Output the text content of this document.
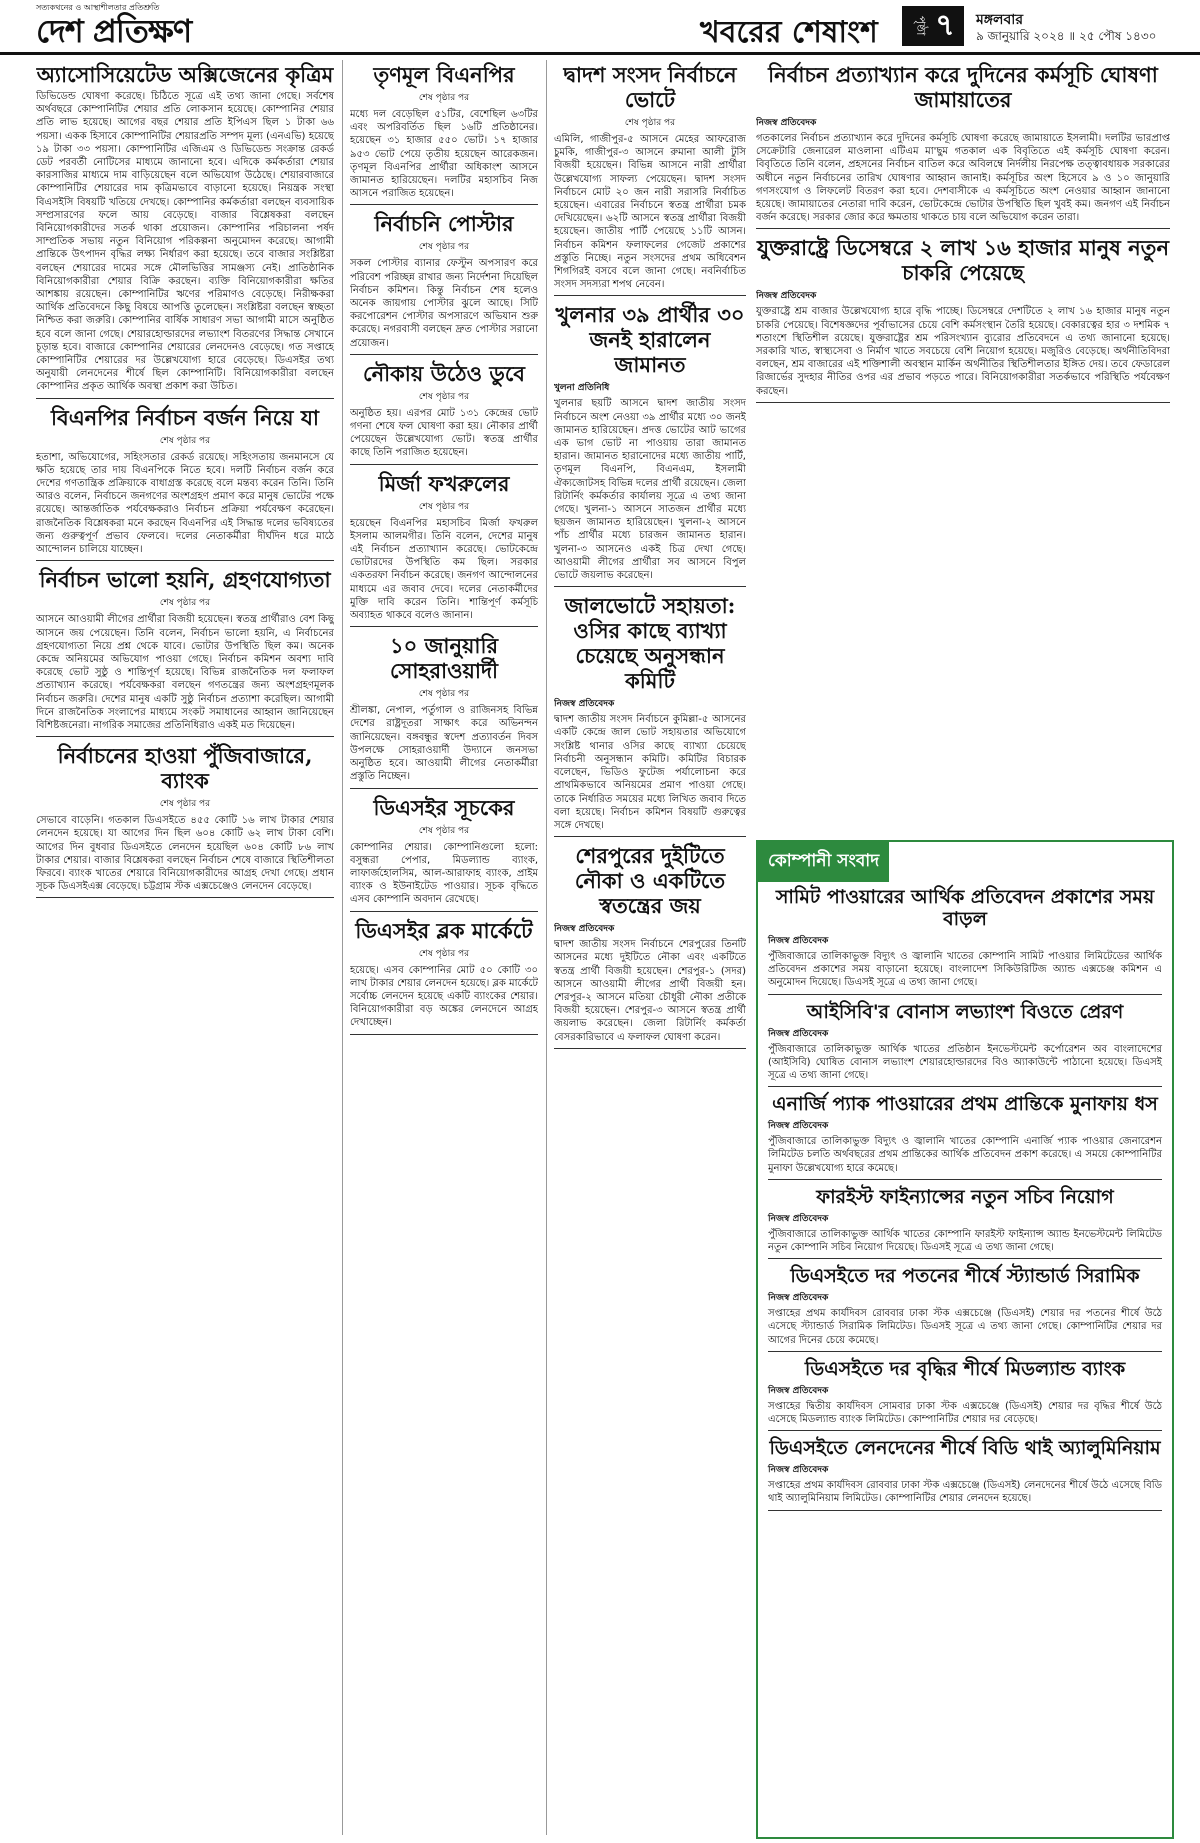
সত্যকথনের ও আস্থাশীলতার প্রতিশ্রুতি
দেশ প্রতিক্ষণ	খবরের শেষাংশ	পৃষ্ঠা ৭ মঙ্গলবার
৯ জানুয়ারি ২০২৪ ॥ ২৫ পৌষ ১৪৩০
অ্যাসোসিয়েটেড অক্সিজেনের কৃত্রিম

ডিভিডেন্ড ঘোষণা করেছে। চিঠিতে সূত্রে এই তথ্য জানা গেছে। সর্বশেষ অর্থবছরে কোম্পানিটির শেয়ার প্রতি লোকসান হয়েছে। কোম্পানির শেয়ার প্রতি লাভ হয়েছে। আগের বছর শেয়ার প্রতি ইপিএস ছিল ১ টাকা ৬৬ পয়সা। একক হিসাবে কোম্পানিটির শেয়ারপ্রতি সম্পদ মূল্য (এনএভি) হয়েছে ১৯ টাকা ৩৩ পয়সা। কোম্পানিটির এজিএম ও ডিভিডেন্ড সংক্রান্ত রেকর্ড ডেট পরবর্তী নোটিসের মাধ্যমে জানানো হবে। এদিকে কর্মকর্তারা শেয়ার কারসাজির মাধ্যমে দাম বাড়িয়েছেন বলে অভিযোগ উঠেছে। শেয়ারবাজারে কোম্পানিটির শেয়ারের দাম কৃত্রিমভাবে বাড়ানো হয়েছে। নিয়ন্ত্রক সংস্থা বিএসইসি বিষয়টি খতিয়ে দেখছে। কোম্পানির কর্মকর্তারা বলছেন ব্যবসায়িক সম্প্রসারণের ফলে আয় বেড়েছে। বাজার বিশ্লেষকরা বলছেন বিনিয়োগকারীদের সতর্ক থাকা প্রয়োজন। কোম্পানির পরিচালনা পর্ষদ সাম্প্রতিক সভায় নতুন বিনিয়োগ পরিকল্পনা অনুমোদন করেছে। আগামী প্রান্তিকে উৎপাদন বৃদ্ধির লক্ষ্য নির্ধারণ করা হয়েছে। তবে বাজার সংশ্লিষ্টরা বলছেন শেয়ারের দামের সঙ্গে মৌলভিত্তির সামঞ্জস্য নেই। প্রাতিষ্ঠানিক বিনিয়োগকারীরা শেয়ার বিক্রি করছেন। ব্যক্তি বিনিয়োগকারীরা ক্ষতির আশঙ্কায় রয়েছেন। কোম্পানিটির ঋণের পরিমাণও বেড়েছে। নিরীক্ষকরা আর্থিক প্রতিবেদনে কিছু বিষয়ে আপত্তি তুলেছেন। সংশ্লিষ্টরা বলছেন স্বচ্ছতা নিশ্চিত করা জরুরি। কোম্পানির বার্ষিক সাধারণ সভা আগামী মাসে অনুষ্ঠিত হবে বলে জানা গেছে। শেয়ারহোল্ডারদের লভ্যাংশ বিতরণের সিদ্ধান্ত সেখানে চূড়ান্ত হবে। বাজারে কোম্পানির শেয়ারের লেনদেনও বেড়েছে। গত সপ্তাহে কোম্পানিটির শেয়ারের দর উল্লেখযোগ্য হারে বেড়েছে। ডিএসইর তথ্য অনুযায়ী লেনদেনের শীর্ষে ছিল কোম্পানিটি। বিনিয়োগকারীরা বলছেন কোম্পানির প্রকৃত আর্থিক অবস্থা প্রকাশ করা উচিত।

বিএনপির নির্বাচন বর্জন নিয়ে যা
শেষ পৃষ্ঠার পর

হতাশা, অভিযোগের, সহিংসতার রেকর্ড রয়েছে। সহিংসতায় জনমানসে যে ক্ষতি হয়েছে তার দায় বিএনপিকে নিতে হবে। দলটি নির্বাচন বর্জন করে দেশের গণতান্ত্রিক প্রক্রিয়াকে বাধাগ্রস্ত করেছে বলে মন্তব্য করেন তিনি। তিনি আরও বলেন, নির্বাচনে জনগণের অংশগ্রহণ প্রমাণ করে মানুষ ভোটের পক্ষে রয়েছে। আন্তর্জাতিক পর্যবেক্ষকরাও নির্বাচন প্রক্রিয়া পর্যবেক্ষণ করেছেন। রাজনৈতিক বিশ্লেষকরা মনে করছেন বিএনপির এই সিদ্ধান্ত দলের ভবিষ্যতের জন্য গুরুত্বপূর্ণ প্রভাব ফেলবে। দলের নেতাকর্মীরা দীর্ঘদিন ধরে মাঠে আন্দোলন চালিয়ে যাচ্ছেন।

নির্বাচন ভালো হয়নি, গ্রহণযোগ্যতা
শেষ পৃষ্ঠার পর

আসনে আওয়ামী লীগের প্রার্থীরা বিজয়ী হয়েছেন। স্বতন্ত্র প্রার্থীরাও বেশ কিছু আসনে জয় পেয়েছেন। তিনি বলেন, নির্বাচন ভালো হয়নি, এ নির্বাচনের গ্রহণযোগ্যতা নিয়ে প্রশ্ন থেকে যাবে। ভোটার উপস্থিতি ছিল কম। অনেক কেন্দ্রে অনিয়মের অভিযোগ পাওয়া গেছে। নির্বাচন কমিশন অবশ্য দাবি করেছে ভোট সুষ্ঠু ও শান্তিপূর্ণ হয়েছে। বিভিন্ন রাজনৈতিক দল ফলাফল প্রত্যাখ্যান করেছে। পর্যবেক্ষকরা বলছেন গণতন্ত্রের জন্য অংশগ্রহণমূলক নির্বাচন জরুরি। দেশের মানুষ একটি সুষ্ঠু নির্বাচন প্রত্যাশা করেছিল। আগামী দিনে রাজনৈতিক সংলাপের মাধ্যমে সংকট সমাধানের আহ্বান জানিয়েছেন বিশিষ্টজনেরা। নাগরিক সমাজের প্রতিনিধিরাও একই মত দিয়েছেন।

নির্বাচনের হাওয়া পুঁজিবাজারে, ব্যাংক
শেষ পৃষ্ঠার পর

সেভাবে বাড়েনি। গতকাল ডিএসইতে ৪৫৫ কোটি ১৬ লাখ টাকার শেয়ার লেনদেন হয়েছে। যা আগের দিন ছিল ৬০৪ কোটি ৬২ লাখ টাকা বেশি। আগের দিন বুধবার ডিএসইতে লেনদেন হয়েছিল ৬০৪ কোটি ৮৬ লাখ টাকার শেয়ার। বাজার বিশ্লেষকরা বলছেন নির্বাচন শেষে বাজারে স্থিতিশীলতা ফিরবে। ব্যাংক খাতের শেয়ারে বিনিয়োগকারীদের আগ্রহ দেখা গেছে। প্রধান সূচক ডিএসইএক্স বেড়েছে। চট্টগ্রাম স্টক এক্সচেঞ্জেও লেনদেন বেড়েছে।

তৃণমূল বিএনপির
শেষ পৃষ্ঠার পর

মধ্যে দল বেড়েছিল ৫১টির, বেশেছিল ৬৩টির এবং অপরিবর্তিত ছিল ১৬টি প্রতিষ্ঠানের। হয়েছেন ৩১ হাজার ৫৫০ ভোট। ১৭ হাজার ৯৫৩ ভোট পেয়ে তৃতীয় হয়েছেন আরেকজন। তৃণমূল বিএনপির প্রার্থীরা অধিকাংশ আসনে জামানত হারিয়েছেন। দলটির মহাসচিব নিজ আসনে পরাজিত হয়েছেন।

নির্বাচনি পোস্টার
শেষ পৃষ্ঠার পর

সকল পোস্টার ব্যানার ফেস্টুন অপসারণ করে পরিবেশ পরিচ্ছন্ন রাখার জন্য নির্দেশনা দিয়েছিল নির্বাচন কমিশন। কিন্তু নির্বাচন শেষ হলেও অনেক জায়গায় পোস্টার ঝুলে আছে। সিটি করপোরেশন পোস্টার অপসারণে অভিযান শুরু করেছে। নগরবাসী বলছেন দ্রুত পোস্টার সরানো প্রয়োজন।

নৌকায় উঠেও ডুবে
শেষ পৃষ্ঠার পর

অনুষ্ঠিত হয়। এরপর মোট ১৩১ কেন্দ্রের ভোট গণনা শেষে ফল ঘোষণা করা হয়। নৌকার প্রার্থী পেয়েছেন উল্লেখযোগ্য ভোট। স্বতন্ত্র প্রার্থীর কাছে তিনি পরাজিত হয়েছেন।

মির্জা ফখরুলের
শেষ পৃষ্ঠার পর

হয়েছেন বিএনপির মহাসচিব মির্জা ফখরুল ইসলাম আলমগীর। তিনি বলেন, দেশের মানুষ এই নির্বাচন প্রত্যাখ্যান করেছে। ভোটকেন্দ্রে ভোটারদের উপস্থিতি কম ছিল। সরকার একতরফা নির্বাচন করেছে। জনগণ আন্দোলনের মাধ্যমে এর জবাব দেবে। দলের নেতাকর্মীদের মুক্তি দাবি করেন তিনি। শান্তিপূর্ণ কর্মসূচি অব্যাহত থাকবে বলেও জানান।

১০ জানুয়ারি সোহরাওয়ার্দী
শেষ পৃষ্ঠার পর

শ্রীলঙ্কা, নেপাল, পর্তুগাল ও রাজিনসহ বিভিন্ন দেশের রাষ্ট্রদূতরা সাক্ষাৎ করে অভিনন্দন জানিয়েছেন। বঙ্গবন্ধুর স্বদেশ প্রত্যাবর্তন দিবস উপলক্ষে সোহরাওয়ার্দী উদ্যানে জনসভা অনুষ্ঠিত হবে। আওয়ামী লীগের নেতাকর্মীরা প্রস্তুতি নিচ্ছেন।

ডিএসইর সূচকের
শেষ পৃষ্ঠার পর

কোম্পানির শেয়ার। কোম্পানিগুলো হলো: বসুন্ধরা পেপার, মিডল্যান্ড ব্যাংক, লাফার্জহোলসিম, আল-আরাফাহ ব্যাংক, প্রাইম ব্যাংক ও ইউনাইটেড পাওয়ার। সূচক বৃদ্ধিতে এসব কোম্পানি অবদান রেখেছে।

ডিএসইর ব্লক মার্কেটে
শেষ পৃষ্ঠার পর

হয়েছে। এসব কোম্পানির মোট ৫০ কোটি ৩০ লাখ টাকার শেয়ার লেনদেন হয়েছে। ব্লক মার্কেটে সর্বোচ্চ লেনদেন হয়েছে একটি ব্যাংকের শেয়ার। বিনিয়োগকারীরা বড় অঙ্কের লেনদেনে আগ্রহ দেখাচ্ছেন।

দ্বাদশ সংসদ নির্বাচনে ভোটে
শেষ পৃষ্ঠার পর

এমিলি, গাজীপুর-৫ আসনে মেহের আফরোজ চুমকি, গাজীপুর-৩ আসনে রুমানা আলী টুসি বিজয়ী হয়েছেন। বিভিন্ন আসনে নারী প্রার্থীরা উল্লেখযোগ্য সাফল্য পেয়েছেন। দ্বাদশ সংসদ নির্বাচনে মোট ২০ জন নারী সরাসরি নির্বাচিত হয়েছেন। এবারের নির্বাচনে স্বতন্ত্র প্রার্থীরা চমক দেখিয়েছেন। ৬২টি আসনে স্বতন্ত্র প্রার্থীরা বিজয়ী হয়েছেন। জাতীয় পার্টি পেয়েছে ১১টি আসন। নির্বাচন কমিশন ফলাফলের গেজেট প্রকাশের প্রস্তুতি নিচ্ছে। নতুন সংসদের প্রথম অধিবেশন শিগগিরই বসবে বলে জানা গেছে। নবনির্বাচিত সংসদ সদস্যরা শপথ নেবেন।

খুলনার ৩৯ প্রার্থীর ৩০ জনই হারালেন জামানত
খুলনা প্রতিনিধি

খুলনার ছয়টি আসনে দ্বাদশ জাতীয় সংসদ নির্বাচনে অংশ নেওয়া ৩৯ প্রার্থীর মধ্যে ৩০ জনই জামানত হারিয়েছেন। প্রদত্ত ভোটের আট ভাগের এক ভাগ ভোট না পাওয়ায় তারা জামানত হারান। জামানত হারানোদের মধ্যে জাতীয় পার্টি, তৃণমূল বিএনপি, বিএনএম, ইসলামী ঐক্যজোটসহ বিভিন্ন দলের প্রার্থী রয়েছেন। জেলা রিটার্নিং কর্মকর্তার কার্যালয় সূত্রে এ তথ্য জানা গেছে। খুলনা-১ আসনে সাতজন প্রার্থীর মধ্যে ছয়জন জামানত হারিয়েছেন। খুলনা-২ আসনে পাঁচ প্রার্থীর মধ্যে চারজন জামানত হারান। খুলনা-৩ আসনেও একই চিত্র দেখা গেছে। আওয়ামী লীগের প্রার্থীরা সব আসনে বিপুল ভোটে জয়লাভ করেছেন।

জালভোটে সহায়তা: ওসির কাছে ব্যাখ্যা চেয়েছে অনুসন্ধান কমিটি
নিজস্ব প্রতিবেদক

দ্বাদশ জাতীয় সংসদ নির্বাচনে কুমিল্লা-৫ আসনের একটি কেন্দ্রে জাল ভোট সহায়তার অভিযোগে সংশ্লিষ্ট থানার ওসির কাছে ব্যাখ্যা চেয়েছে নির্বাচনী অনুসন্ধান কমিটি। কমিটির বিচারক বলেছেন, ভিডিও ফুটেজ পর্যালোচনা করে প্রাথমিকভাবে অনিয়মের প্রমাণ পাওয়া গেছে। তাকে নির্ধারিত সময়ের মধ্যে লিখিত জবাব দিতে বলা হয়েছে। নির্বাচন কমিশন বিষয়টি গুরুত্বের সঙ্গে দেখছে।

শেরপুরের দুইটিতে নৌকা ও একটিতে স্বতন্ত্রের জয়
নিজস্ব প্রতিবেদক

দ্বাদশ জাতীয় সংসদ নির্বাচনে শেরপুরের তিনটি আসনের মধ্যে দুইটিতে নৌকা এবং একটিতে স্বতন্ত্র প্রার্থী বিজয়ী হয়েছেন। শেরপুর-১ (সদর) আসনে আওয়ামী লীগের প্রার্থী বিজয়ী হন। শেরপুর-২ আসনে মতিয়া চৌধুরী নৌকা প্রতীকে বিজয়ী হয়েছেন। শেরপুর-৩ আসনে স্বতন্ত্র প্রার্থী জয়লাভ করেছেন। জেলা রিটার্নিং কর্মকর্তা বেসরকারিভাবে এ ফলাফল ঘোষণা করেন।

নির্বাচন প্রত্যাখ্যান করে দুদিনের কর্মসূচি ঘোষণা জামায়াতের
নিজস্ব প্রতিবেদক

গতকালের নির্বাচন প্রত্যাখ্যান করে দুদিনের কর্মসূচি ঘোষণা করেছে জামায়াতে ইসলামী। দলটির ভারপ্রাপ্ত সেক্রেটারি জেনারেল মাওলানা এটিএম মা'ছুম গতকাল এক বিবৃতিতে এই কর্মসূচি ঘোষণা করেন। বিবৃতিতে তিনি বলেন, প্রহসনের নির্বাচন বাতিল করে অবিলম্বে নির্দলীয় নিরপেক্ষ তত্ত্বাবধায়ক সরকারের অধীনে নতুন নির্বাচনের তারিখ ঘোষণার আহ্বান জানাই। কর্মসূচির অংশ হিসেবে ৯ ও ১০ জানুয়ারি গণসংযোগ ও লিফলেট বিতরণ করা হবে। দেশবাসীকে এ কর্মসূচিতে অংশ নেওয়ার আহ্বান জানানো হয়েছে। জামায়াতের নেতারা দাবি করেন, ভোটকেন্দ্রে ভোটার উপস্থিতি ছিল খুবই কম। জনগণ এই নির্বাচন বর্জন করেছে। সরকার জোর করে ক্ষমতায় থাকতে চায় বলে অভিযোগ করেন তারা।

যুক্তরাষ্ট্রে ডিসেম্বরে ২ লাখ ১৬ হাজার মানুষ নতুন চাকরি পেয়েছে
নিজস্ব প্রতিবেদক

যুক্তরাষ্ট্রে শ্রম বাজার উল্লেখযোগ্য হারে বৃদ্ধি পাচ্ছে। ডিসেম্বরে দেশটিতে ২ লাখ ১৬ হাজার মানুষ নতুন চাকরি পেয়েছে। বিশেষজ্ঞদের পূর্বাভাসের চেয়ে বেশি কর্মসংস্থান তৈরি হয়েছে। বেকারত্বের হার ৩ দশমিক ৭ শতাংশে স্থিতিশীল রয়েছে। যুক্তরাষ্ট্রের শ্রম পরিসংখ্যান ব্যুরোর প্রতিবেদনে এ তথ্য জানানো হয়েছে। সরকারি খাত, স্বাস্থ্যসেবা ও নির্মাণ খাতে সবচেয়ে বেশি নিয়োগ হয়েছে। মজুরিও বেড়েছে। অর্থনীতিবিদরা বলছেন, শ্রম বাজারের এই শক্তিশালী অবস্থান মার্কিন অর্থনীতির স্থিতিশীলতার ইঙ্গিত দেয়। তবে ফেডারেল রিজার্ভের সুদহার নীতির ওপর এর প্রভাব পড়তে পারে। বিনিয়োগকারীরা সতর্কভাবে পরিস্থিতি পর্যবেক্ষণ করছেন।

কোম্পানী সংবাদ
সামিট পাওয়ারের আর্থিক প্রতিবেদন প্রকাশের সময় বাড়ল
নিজস্ব প্রতিবেদক

পুঁজিবাজারে তালিকাভুক্ত বিদ্যুৎ ও জ্বালানি খাতের কোম্পানি সামিট পাওয়ার লিমিটেডের আর্থিক প্রতিবেদন প্রকাশের সময় বাড়ানো হয়েছে। বাংলাদেশ সিকিউরিটিজ অ্যান্ড এক্সচেঞ্জ কমিশন এ অনুমোদন দিয়েছে। ডিএসই সূত্রে এ তথ্য জানা গেছে।

আইসিবি'র বোনাস লভ্যাংশ বিওতে প্রেরণ
নিজস্ব প্রতিবেদক

পুঁজিবাজারে তালিকাভুক্ত আর্থিক খাতের প্রতিষ্ঠান ইনভেস্টমেন্ট কর্পোরেশন অব বাংলাদেশের (আইসিবি) ঘোষিত বোনাস লভ্যাংশ শেয়ারহোল্ডারদের বিও অ্যাকাউন্টে পাঠানো হয়েছে। ডিএসই সূত্রে এ তথ্য জানা গেছে।

এনার্জি প্যাক পাওয়ারের প্রথম প্রান্তিকে মুনাফায় ধস
নিজস্ব প্রতিবেদক

পুঁজিবাজারে তালিকাভুক্ত বিদ্যুৎ ও জ্বালানি খাতের কোম্পানি এনার্জি প্যাক পাওয়ার জেনারেশন লিমিটেড চলতি অর্থবছরের প্রথম প্রান্তিকের আর্থিক প্রতিবেদন প্রকাশ করেছে। এ সময়ে কোম্পানিটির মুনাফা উল্লেখযোগ্য হারে কমেছে।

ফারইস্ট ফাইন্যান্সের নতুন সচিব নিয়োগ
নিজস্ব প্রতিবেদক

পুঁজিবাজারে তালিকাভুক্ত আর্থিক খাতের কোম্পানি ফারইস্ট ফাইন্যান্স অ্যান্ড ইনভেস্টমেন্ট লিমিটেড নতুন কোম্পানি সচিব নিয়োগ দিয়েছে। ডিএসই সূত্রে এ তথ্য জানা গেছে।

ডিএসইতে দর পতনের শীর্ষে স্ট্যান্ডার্ড সিরামিক
নিজস্ব প্রতিবেদক

সপ্তাহের প্রথম কার্যদিবস রোববার ঢাকা স্টক এক্সচেঞ্জে (ডিএসই) শেয়ার দর পতনের শীর্ষে উঠে এসেছে স্ট্যান্ডার্ড সিরামিক লিমিটেড। ডিএসই সূত্রে এ তথ্য জানা গেছে। কোম্পানিটির শেয়ার দর আগের দিনের চেয়ে কমেছে।

ডিএসইতে দর বৃদ্ধির শীর্ষে মিডল্যান্ড ব্যাংক
নিজস্ব প্রতিবেদক

সপ্তাহের দ্বিতীয় কার্যদিবস সোমবার ঢাকা স্টক এক্সচেঞ্জে (ডিএসই) শেয়ার দর বৃদ্ধির শীর্ষে উঠে এসেছে মিডল্যান্ড ব্যাংক লিমিটেড। কোম্পানিটির শেয়ার দর বেড়েছে।

ডিএসইতে লেনদেনের শীর্ষে বিডি থাই অ্যালুমিনিয়াম
নিজস্ব প্রতিবেদক

সপ্তাহের প্রথম কার্যদিবস রোববার ঢাকা স্টক এক্সচেঞ্জে (ডিএসই) লেনদেনের শীর্ষে উঠে এসেছে বিডি থাই অ্যালুমিনিয়াম লিমিটেড। কোম্পানিটির শেয়ার লেনদেন হয়েছে।
